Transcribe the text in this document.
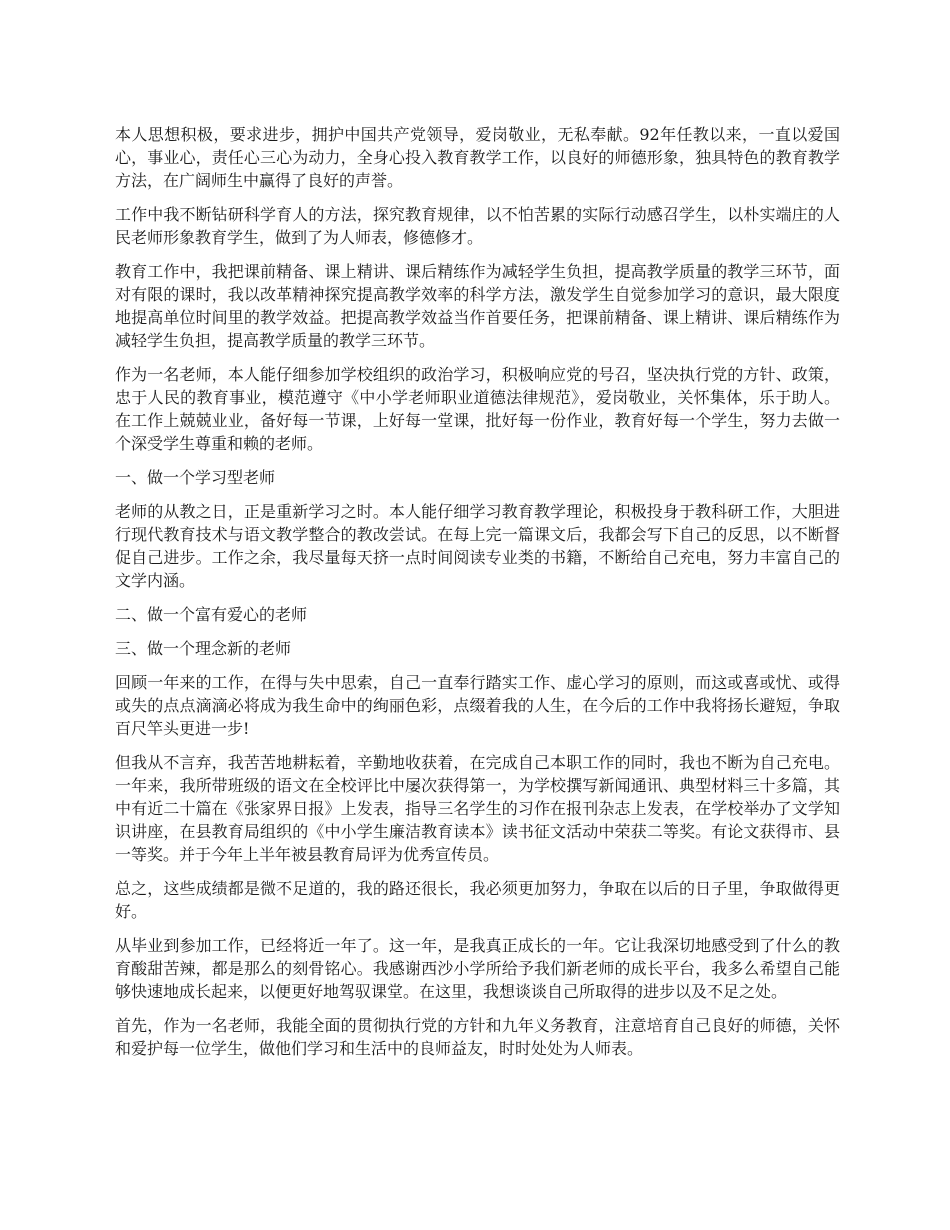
本人思想积极，要求进步，拥护中国共产党领导，爱岗敬业，无私奉献。92年任教以来，一直以爱国心，事业心，责任心三心为动力，全身心投入教育教学工作，以良好的师德形象，独具特色的教育教学方法，在广阔师生中赢得了良好的声誉。

工作中我不断钻研科学育人的方法，探究教育规律，以不怕苦累的实际行动感召学生，以朴实端庄的人民老师形象教育学生，做到了为人师表，修德修才。

教育工作中，我把课前精备、课上精讲、课后精练作为减轻学生负担，提高教学质量的教学三环节，面对有限的课时，我以改革精神探究提高教学效率的科学方法，激发学生自觉参加学习的意识，最大限度地提高单位时间里的教学效益。把提高教学效益当作首要任务，把课前精备、课上精讲、课后精练作为减轻学生负担，提高教学质量的教学三环节。

作为一名老师，本人能仔细参加学校组织的政治学习，积极响应党的号召，坚决执行党的方针、政策，忠于人民的教育事业，模范遵守《中小学老师职业道德法律规范》，爱岗敬业，关怀集体，乐于助人。在工作上兢兢业业，备好每一节课，上好每一堂课，批好每一份作业，教育好每一个学生，努力去做一个深受学生尊重和赖的老师。

一、做一个学习型老师

老师的从教之日，正是重新学习之时。本人能仔细学习教育教学理论，积极投身于教科研工作，大胆进行现代教育技术与语文教学整合的教改尝试。在每上完一篇课文后，我都会写下自己的反思，以不断督促自己进步。工作之余，我尽量每天挤一点时间阅读专业类的书籍，不断给自己充电，努力丰富自己的文学内涵。

二、做一个富有爱心的老师

三、做一个理念新的老师

回顾一年来的工作，在得与失中思索，自己一直奉行踏实工作、虚心学习的原则，而这或喜或忧、或得或失的点点滴滴必将成为我生命中的绚丽色彩，点缀着我的人生，在今后的工作中我将扬长避短，争取百尺竿头更进一步!

但我从不言弃，我苦苦地耕耘着，辛勤地收获着，在完成自己本职工作的同时，我也不断为自己充电。一年来，我所带班级的语文在全校评比中屡次获得第一，为学校撰写新闻通讯、典型材料三十多篇，其中有近二十篇在《张家界日报》上发表，指导三名学生的习作在报刊杂志上发表，在学校举办了文学知识讲座，在县教育局组织的《中小学生廉洁教育读本》读书征文活动中荣获二等奖。有论文获得市、县一等奖。并于今年上半年被县教育局评为优秀宣传员。

总之，这些成绩都是微不足道的，我的路还很长，我必须更加努力，争取在以后的日子里，争取做得更好。

从毕业到参加工作，已经将近一年了。这一年，是我真正成长的一年。它让我深切地感受到了什么的教育酸甜苦辣，都是那么的刻骨铭心。我感谢西沙小学所给予我们新老师的成长平台，我多么希望自己能够快速地成长起来，以便更好地驾驭课堂。在这里，我想谈谈自己所取得的进步以及不足之处。

首先，作为一名老师，我能全面的贯彻执行党的方针和九年义务教育，注意培育自己良好的师德，关怀和爱护每一位学生，做他们学习和生活中的良师益友，时时处处为人师表。
